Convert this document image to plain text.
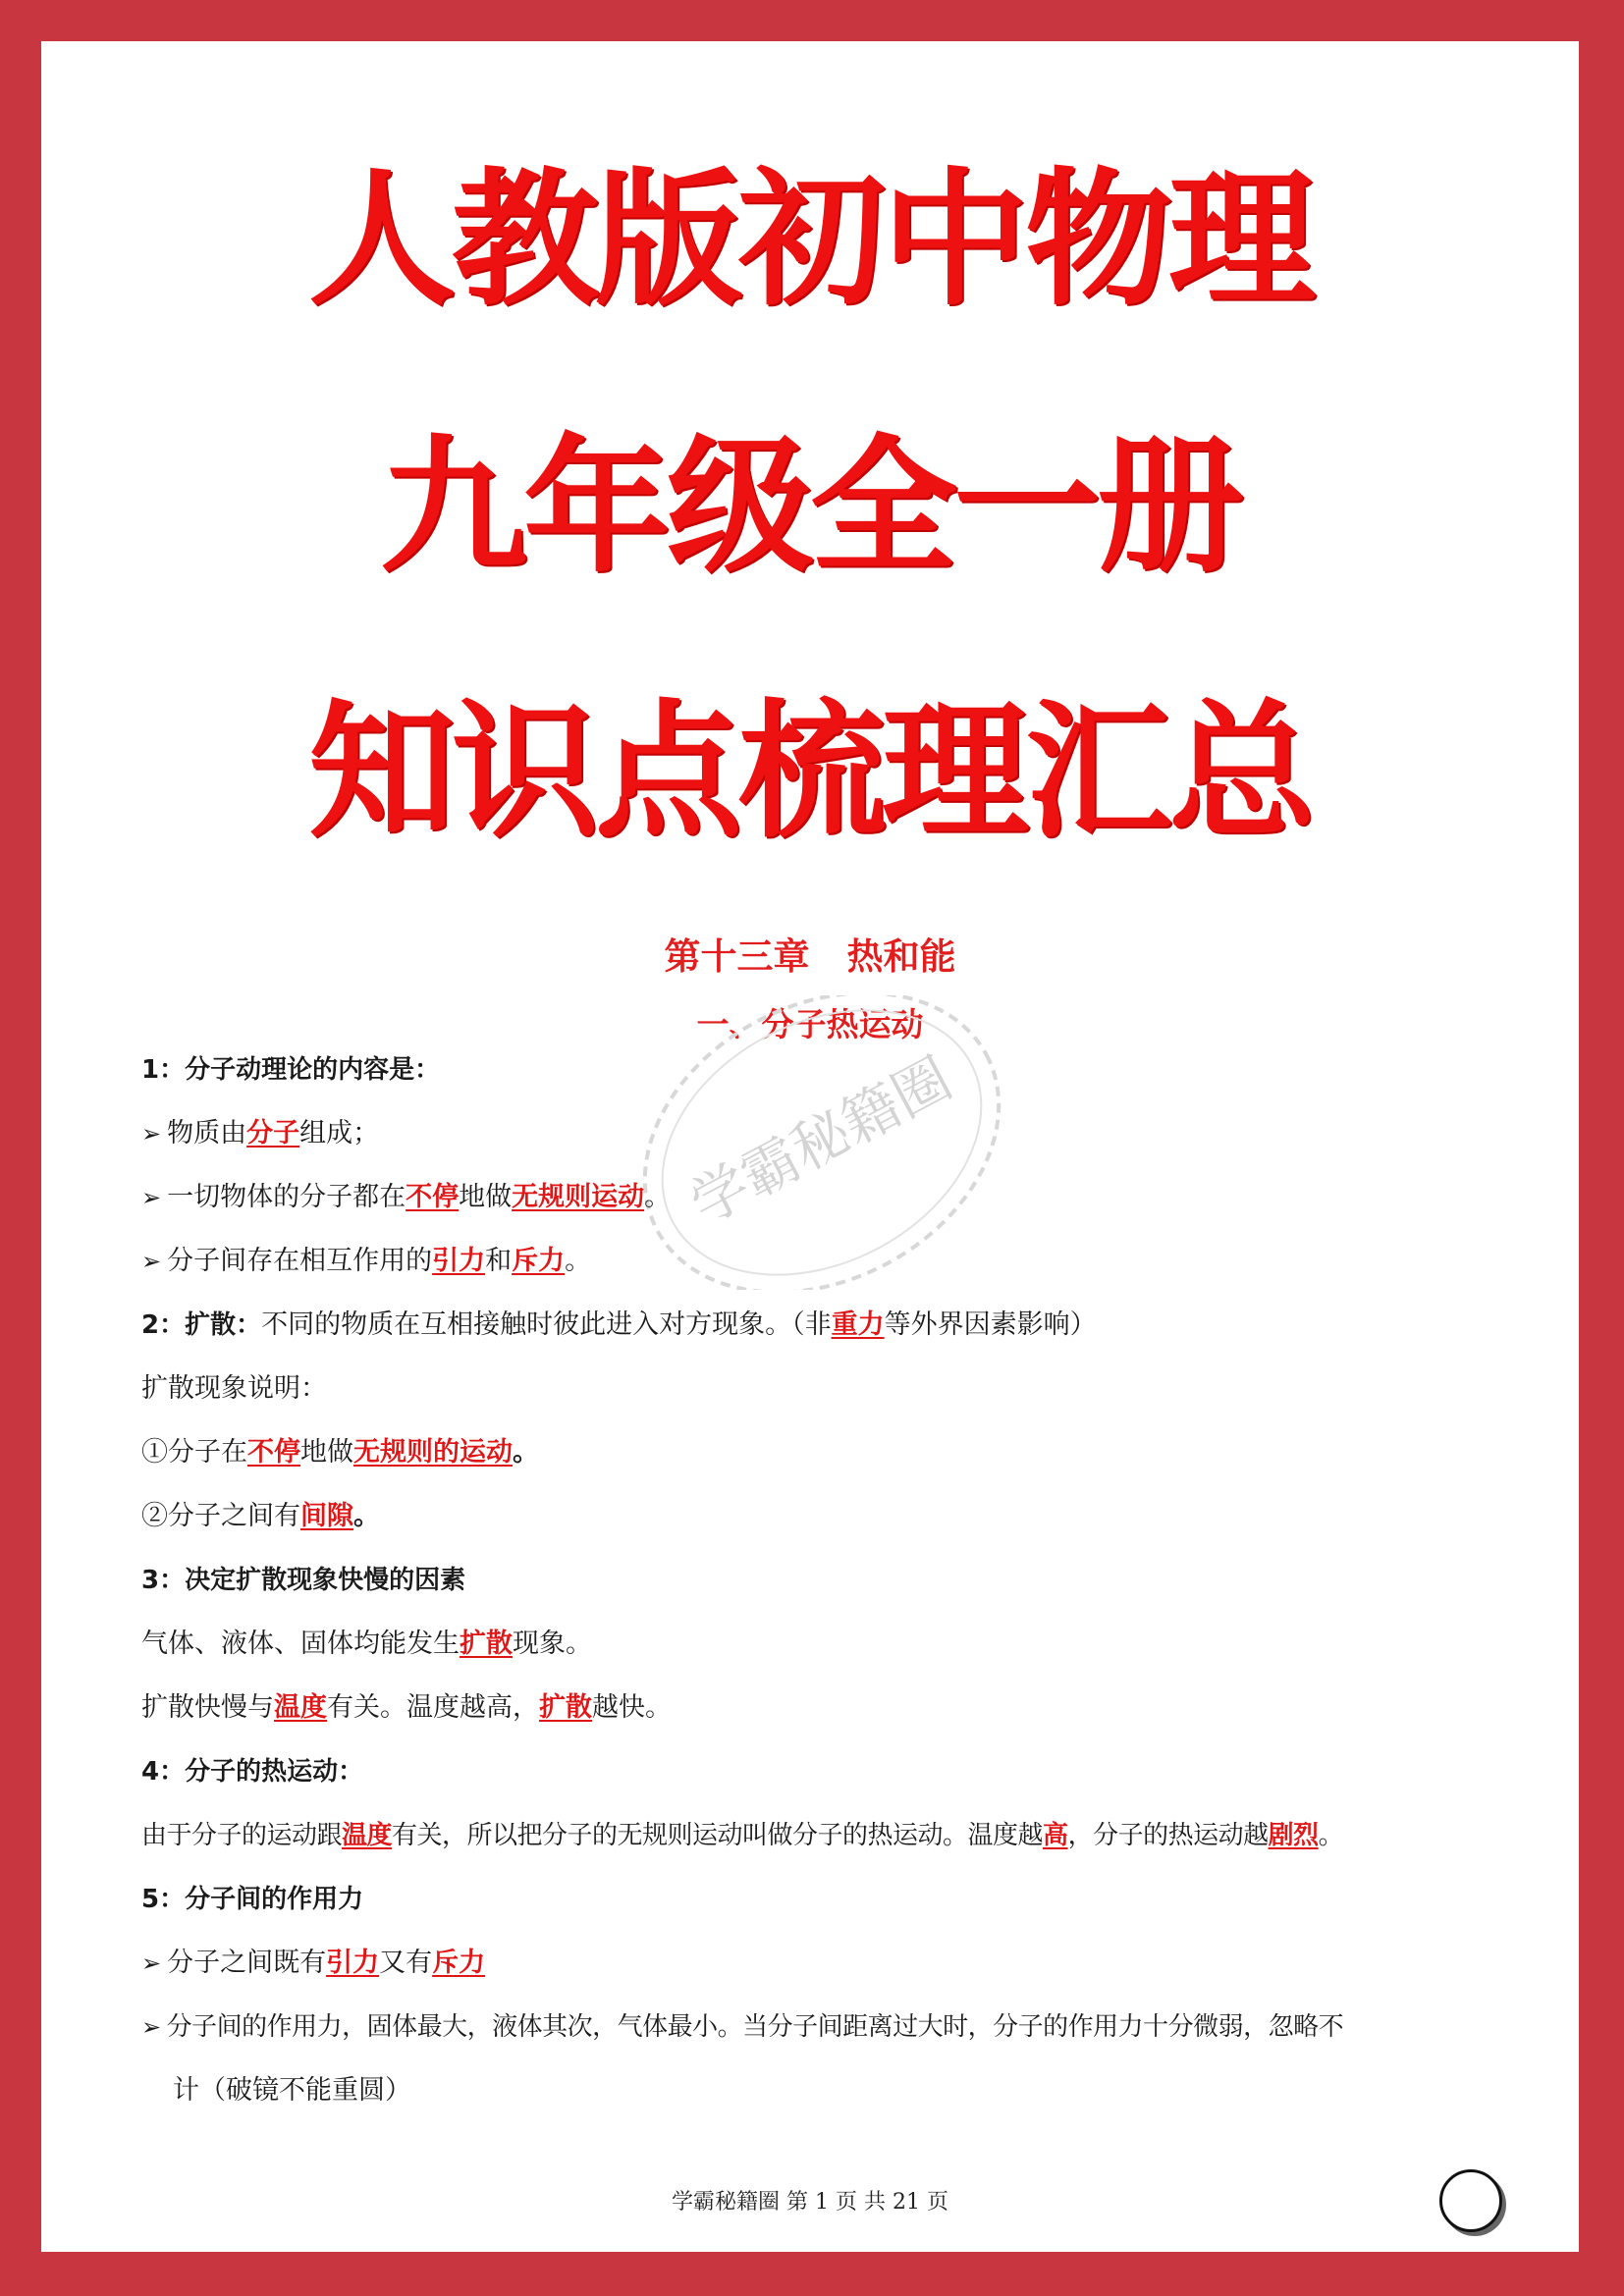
人教版初中物理
九年级全一册
知识点梳理汇总
第十三章 热和能
一、分子热运动
学霸秘籍圈
1：分子动理论的内容是：
➢ 物质由分子组成；
➢ 一切物体的分子都在不停地做无规则运动。
➢ 分子间存在相互作用的引力和斥力。
2：扩散：不同的物质在互相接触时彼此进入对方现象。（非重力等外界因素影响）
扩散现象说明：
①分子在不停地做无规则的运动。
②分子之间有间隙。
3：决定扩散现象快慢的因素
气体、液体、固体均能发生扩散现象。
扩散快慢与温度有关。温度越高，扩散越快。
4：分子的热运动：
由于分子的运动跟温度有关，所以把分子的无规则运动叫做分子的热运动。温度越高，分子的热运动越剧烈。
5：分子间的作用力
➢ 分子之间既有引力又有斥力
➢ 分子间的作用力，固体最大，液体其次，气体最小。当分子间距离过大时，分子的作用力十分微弱，忽略不
计（破镜不能重圆）
学霸秘籍圈 第 1 页 共 21 页
